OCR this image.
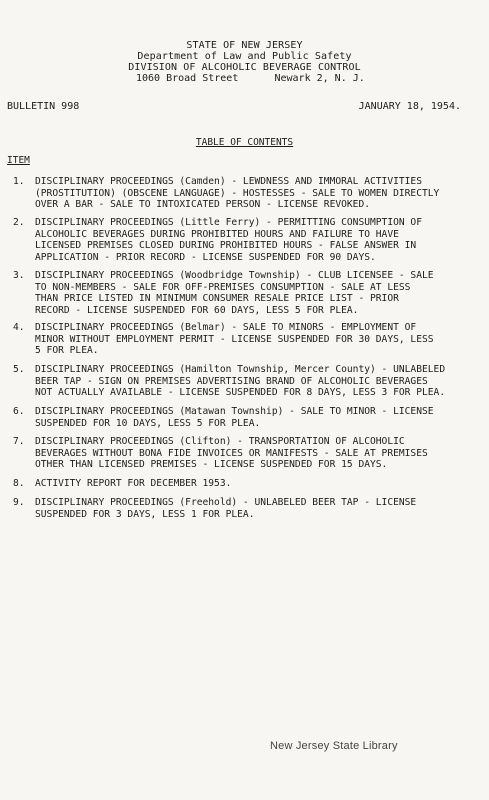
STATE OF NEW JERSEY
Department of Law and Public Safety
DIVISION OF ALCOHOLIC BEVERAGE CONTROL
1060 Broad Street      Newark 2, N. J.
BULLETIN 998	JANUARY 18, 1954.
TABLE OF CONTENTS
ITEM
1.	DISCIPLINARY PROCEEDINGS (Camden) - LEWDNESS AND IMMORAL ACTIVITIES
(PROSTITUTION) (OBSCENE LANGUAGE) - HOSTESSES - SALE TO WOMEN DIRECTLY
OVER A BAR - SALE TO INTOXICATED PERSON - LICENSE REVOKED.
2.	DISCIPLINARY PROCEEDINGS (Little Ferry) - PERMITTING CONSUMPTION OF
ALCOHOLIC BEVERAGES DURING PROHIBITED HOURS AND FAILURE TO HAVE
LICENSED PREMISES CLOSED DURING PROHIBITED HOURS - FALSE ANSWER IN
APPLICATION - PRIOR RECORD - LICENSE SUSPENDED FOR 90 DAYS.
3.	DISCIPLINARY PROCEEDINGS (Woodbridge Township) - CLUB LICENSEE - SALE
TO NON-MEMBERS - SALE FOR OFF-PREMISES CONSUMPTION - SALE AT LESS
THAN PRICE LISTED IN MINIMUM CONSUMER RESALE PRICE LIST - PRIOR
RECORD - LICENSE SUSPENDED FOR 60 DAYS, LESS 5 FOR PLEA.
4.	DISCIPLINARY PROCEEDINGS (Belmar) - SALE TO MINORS - EMPLOYMENT OF
MINOR WITHOUT EMPLOYMENT PERMIT - LICENSE SUSPENDED FOR 30 DAYS, LESS
5 FOR PLEA.
5.	DISCIPLINARY PROCEEDINGS (Hamilton Township, Mercer County) - UNLABELED
BEER TAP - SIGN ON PREMISES ADVERTISING BRAND OF ALCOHOLIC BEVERAGES
NOT ACTUALLY AVAILABLE - LICENSE SUSPENDED FOR 8 DAYS, LESS 3 FOR PLEA.
6.	DISCIPLINARY PROCEEDINGS (Matawan Township) - SALE TO MINOR - LICENSE
SUSPENDED FOR 10 DAYS, LESS 5 FOR PLEA.
7.	DISCIPLINARY PROCEEDINGS (Clifton) - TRANSPORTATION OF ALCOHOLIC
BEVERAGES WITHOUT BONA FIDE INVOICES OR MANIFESTS - SALE AT PREMISES
OTHER THAN LICENSED PREMISES - LICENSE SUSPENDED FOR 15 DAYS.
8.	ACTIVITY REPORT FOR DECEMBER 1953.
9.	DISCIPLINARY PROCEEDINGS (Freehold) - UNLABELED BEER TAP - LICENSE
SUSPENDED FOR 3 DAYS, LESS 1 FOR PLEA.
New Jersey State Library
